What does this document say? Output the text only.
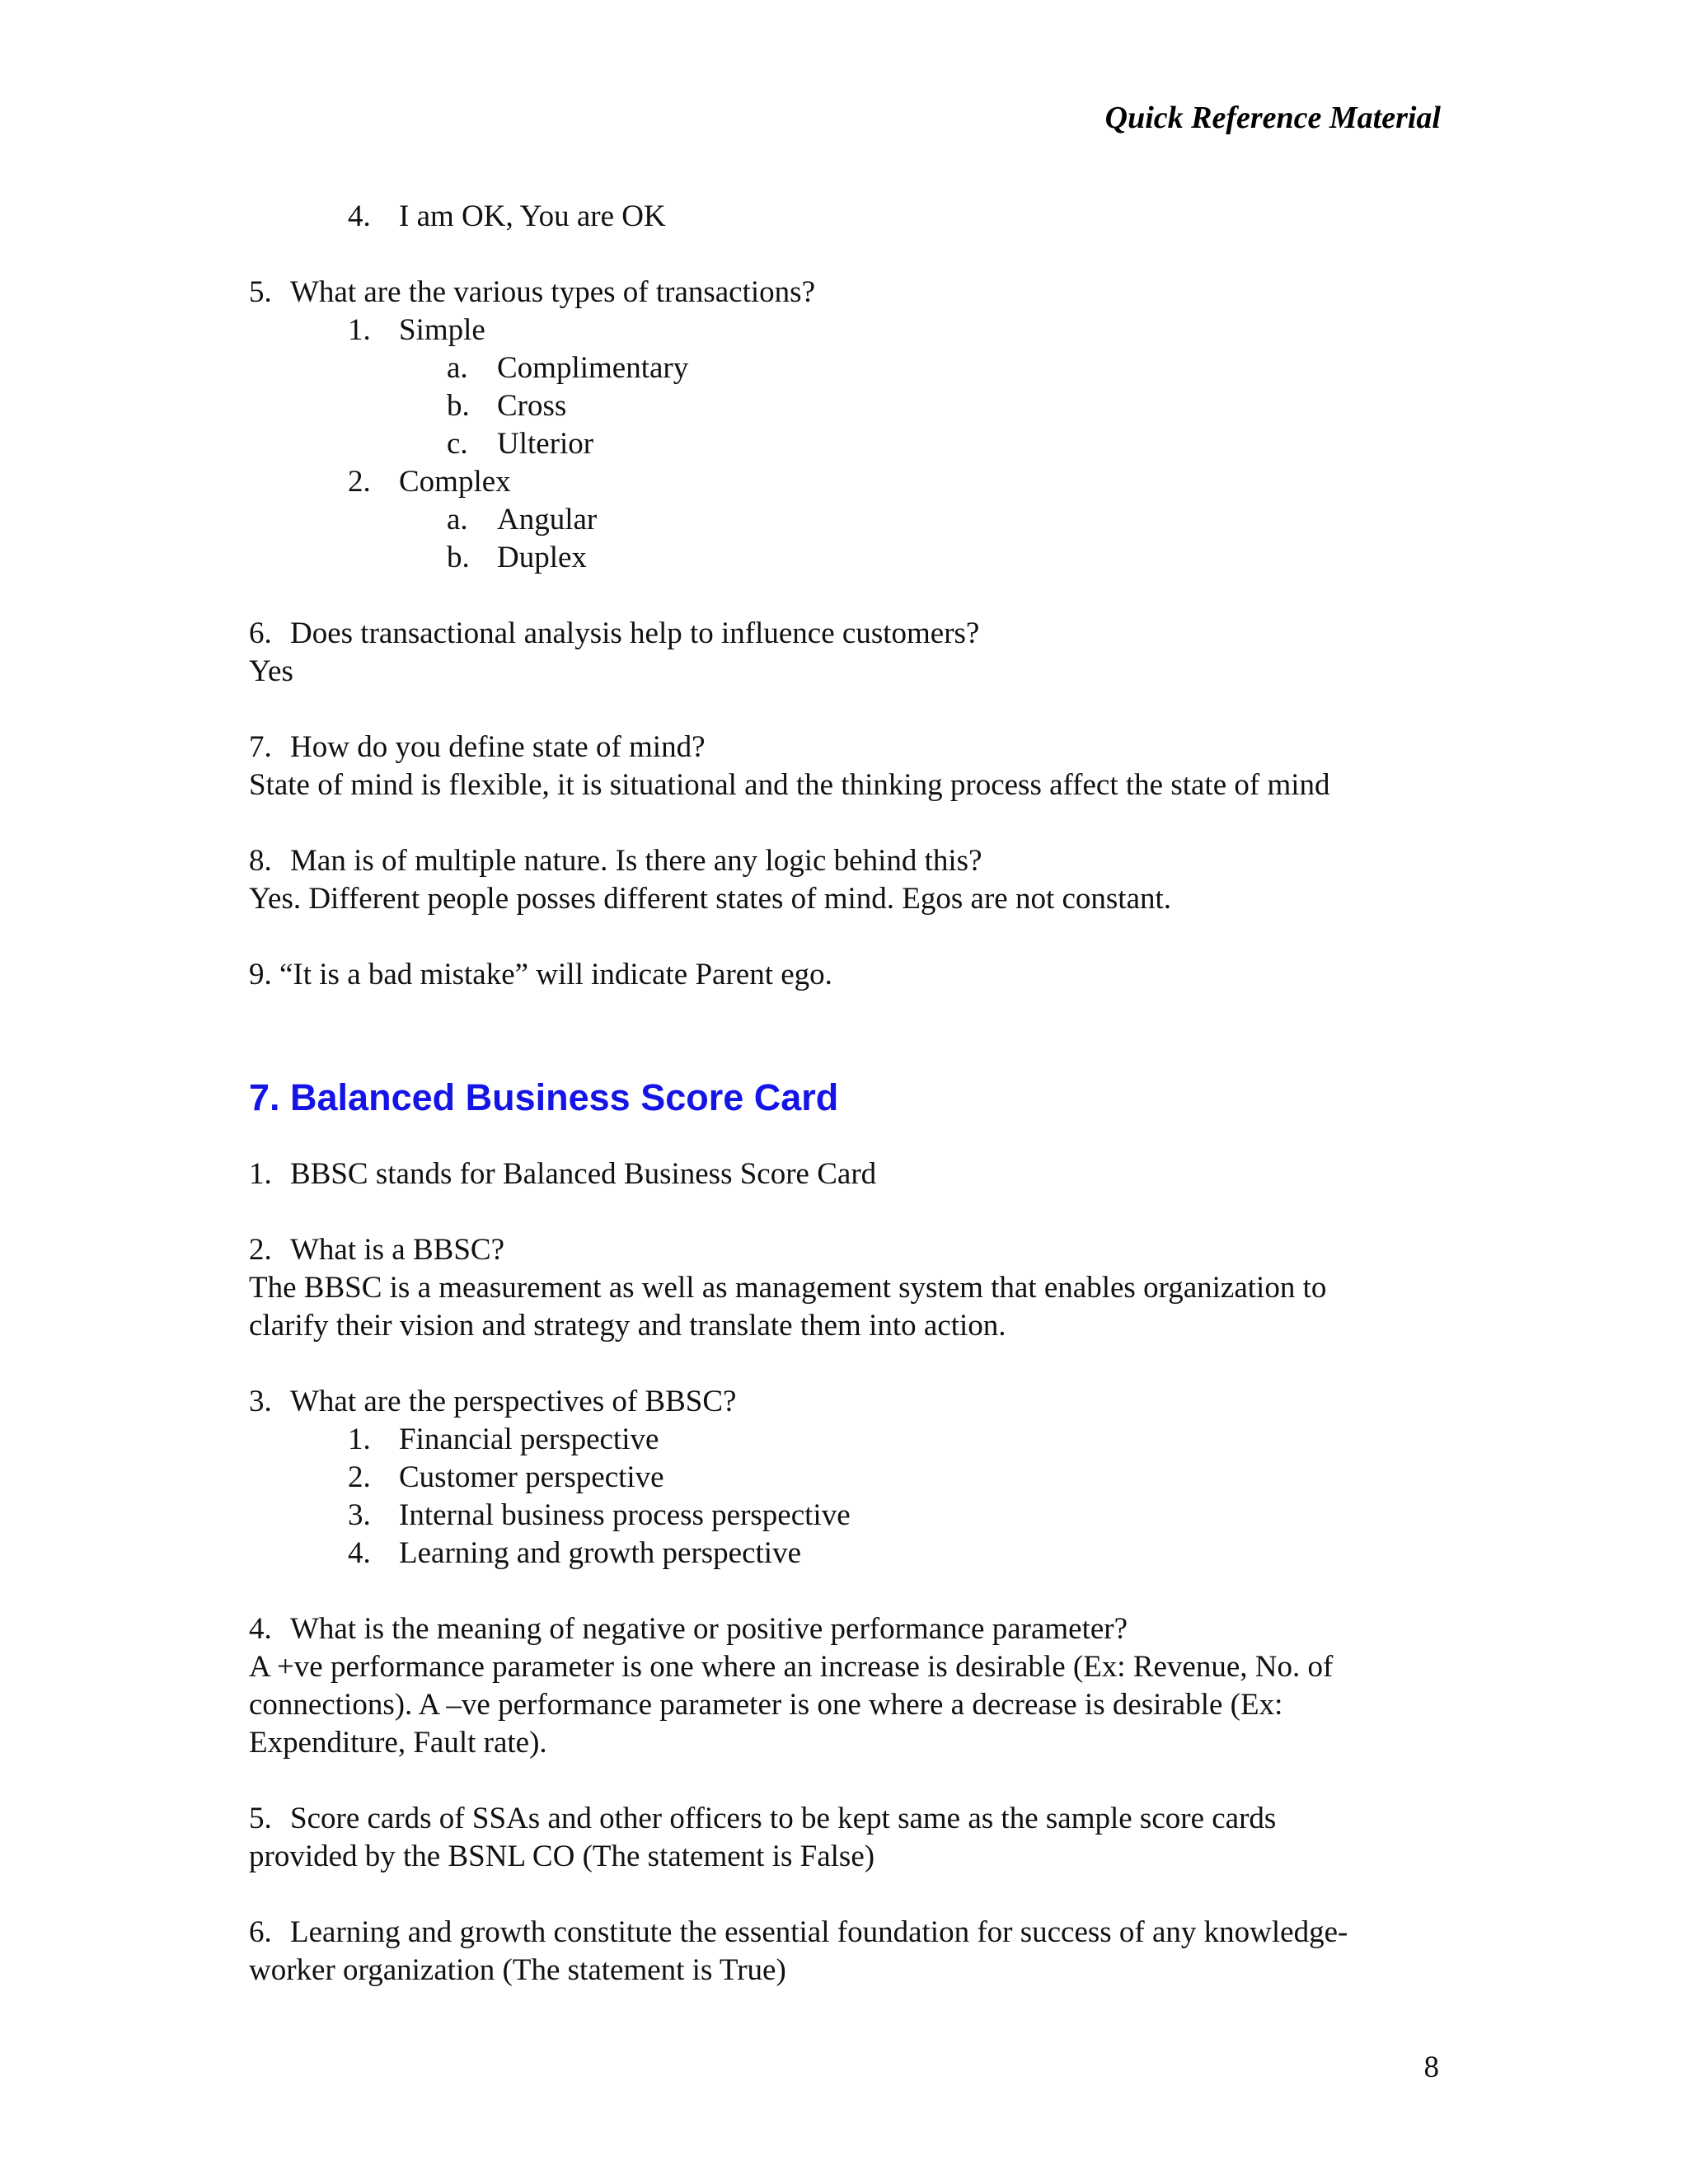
Quick Reference Material
4. I am OK, You are OK
5. What are the various types of transactions?
1. Simple
a. Complimentary
b. Cross
c. Ulterior
2. Complex
a. Angular
b. Duplex
6. Does transactional analysis help to influence customers?

Yes

7. How do you define state of mind?

State of mind is flexible, it is situational and the thinking process affect the state of mind

8. Man is of multiple nature. Is there any logic behind this?

Yes. Different people posses different states of mind. Egos are not constant.

9. “It is a bad mistake” will indicate Parent ego.

7. Balanced Business Score Card
1. BBSC stands for Balanced Business Score Card
2. What is a BBSC?

The BBSC is a measurement as well as management system that enables organization to

clarify their vision and strategy and translate them into action.

3. What are the perspectives of BBSC?
1. Financial perspective
2. Customer perspective
3. Internal business process perspective
4. Learning and growth perspective
4. What is the meaning of negative or positive performance parameter?

A +ve performance parameter is one where an increase is desirable (Ex: Revenue, No. of

connections). A –ve performance parameter is one where a decrease is desirable (Ex:

Expenditure, Fault rate).

5. Score cards of SSAs and other officers to be kept same as the sample score cards

provided by the BSNL CO (The statement is False)

6. Learning and growth constitute the essential foundation for success of any knowledge-

worker organization (The statement is True)

8
